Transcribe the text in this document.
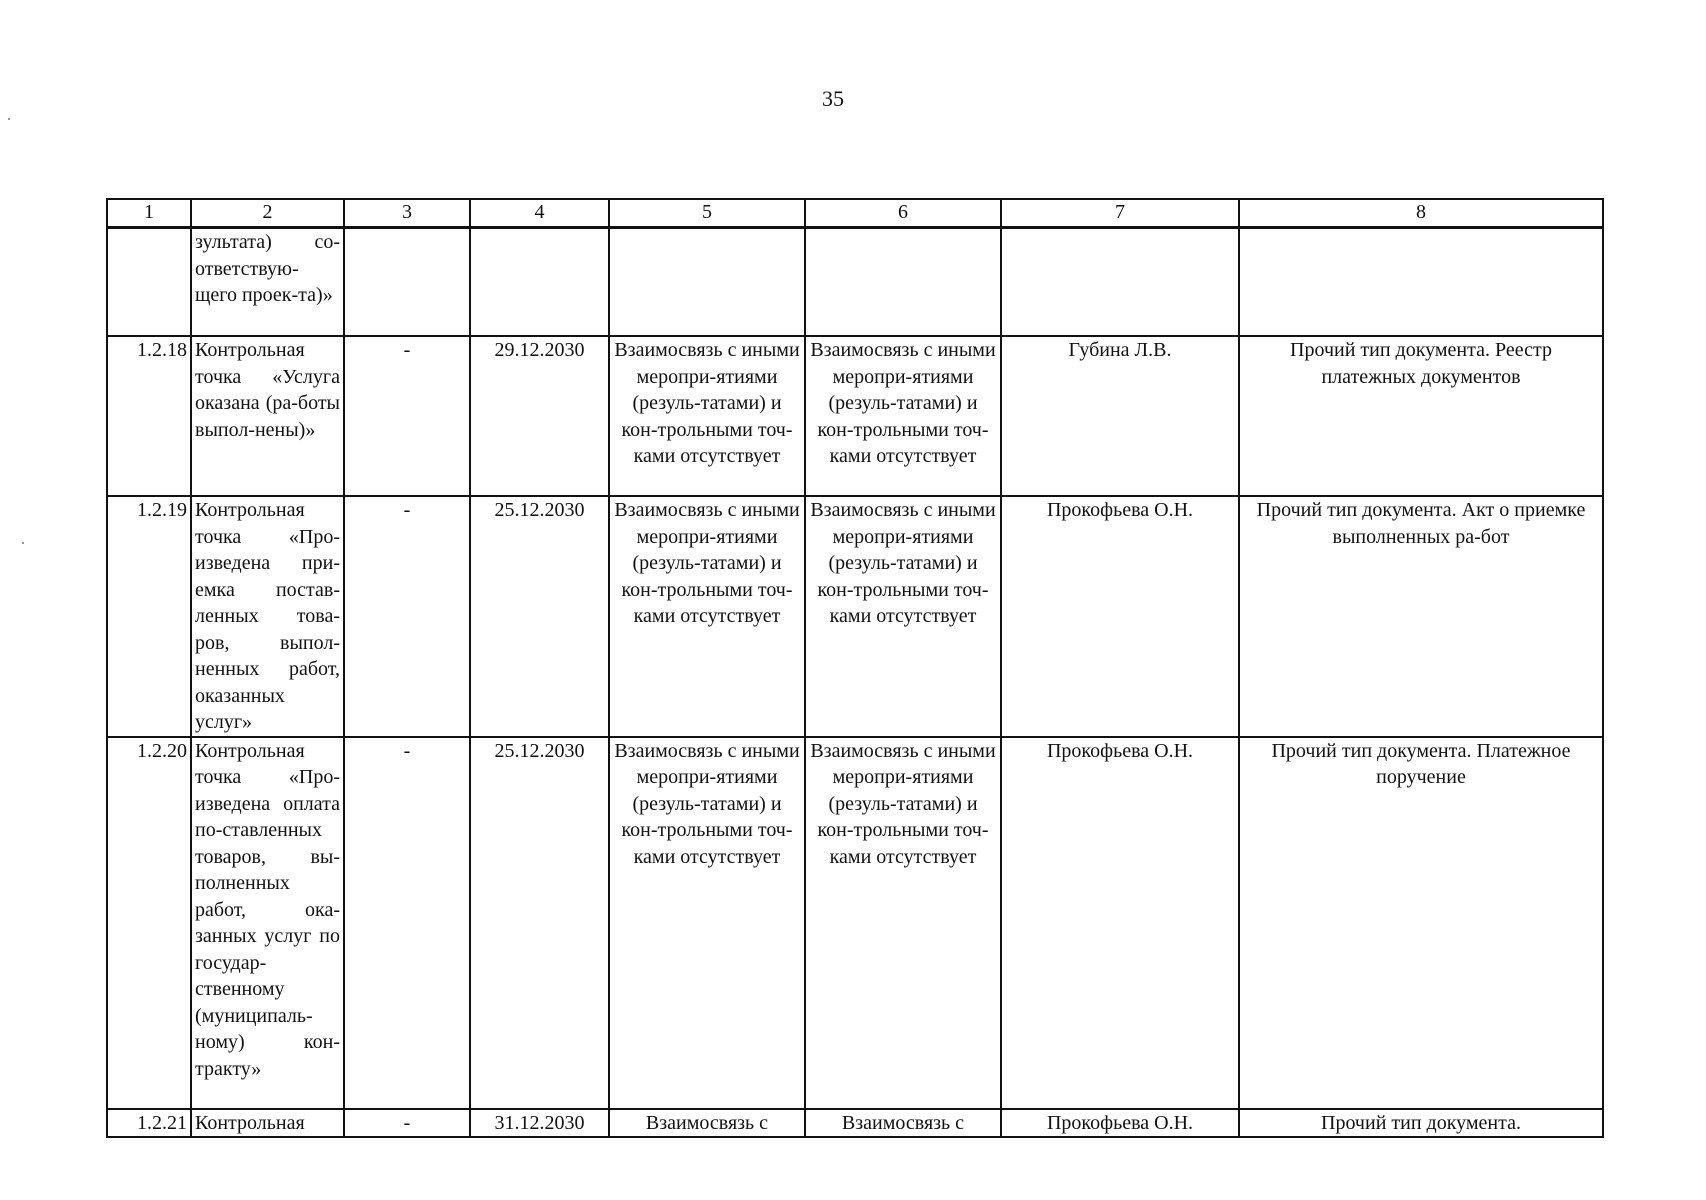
35
1	2	3	4	5	6	7	8
	зультата) со-ответствую-щего проек-та)»						
1.2.18	Контрольная точка «Услуга оказана (ра-боты выпол-нены)»	-	29.12.2030	Взаимосвязь с иными меропри-ятиями (резуль-татами) и кон-трольными точ-ками отсутствует	Взаимосвязь с иными меропри-ятиями (резуль-татами) и кон-трольными точ-ками отсутствует	Губина Л.В.	Прочий тип документа. Реестр платежных документов
1.2.19	Контрольная точка «Про-изведена при-емка постав-ленных това-ров, выпол-ненных работ, оказанных услуг»	-	25.12.2030	Взаимосвязь с иными меропри-ятиями (резуль-татами) и кон-трольными точ-ками отсутствует	Взаимосвязь с иными меропри-ятиями (резуль-татами) и кон-трольными точ-ками отсутствует	Прокофьева О.Н.	Прочий тип документа. Акт о приемке выполненных ра-бот
1.2.20	Контрольная точка «Про-изведена оплата по-ставленных товаров, вы-полненных работ, ока-занных услуг по государ-ственному (муниципаль-ному) кон-тракту»	-	25.12.2030	Взаимосвязь с иными меропри-ятиями (резуль-татами) и кон-трольными точ-ками отсутствует	Взаимосвязь с иными меропри-ятиями (резуль-татами) и кон-трольными точ-ками отсутствует	Прокофьева О.Н.	Прочий тип документа. Платежное поручение
1.2.21	Контрольная	-	31.12.2030	Взаимосвязь с	Взаимосвязь с	Прокофьева О.Н.	Прочий тип документа.
